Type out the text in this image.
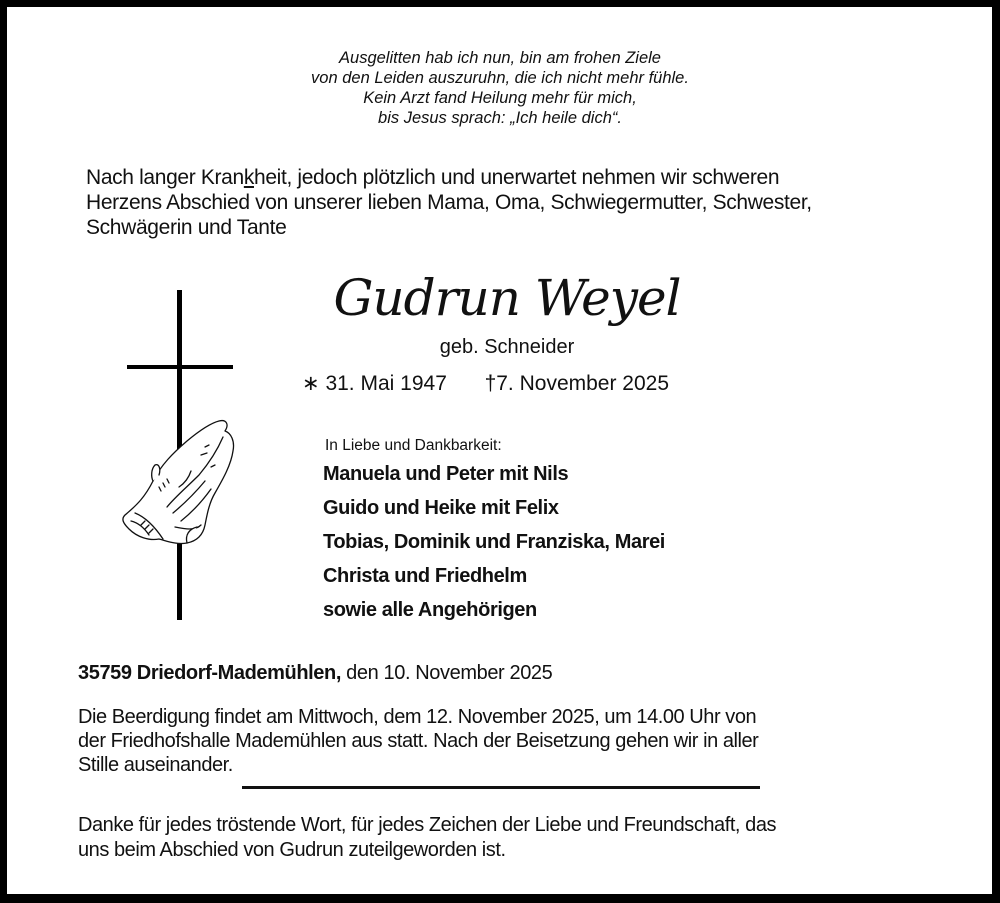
Ausgelitten hab ich nun, bin am frohen Ziele
von den Leiden auszuruhn, die ich nicht mehr fühle.
Kein Arzt fand Heilung mehr für mich,
bis Jesus sprach: „Ich heile dich“.
Nach langer Krankheit, jedoch plötzlich und unerwartet nehmen wir schweren
Herzens Abschied von unserer lieben Mama, Oma, Schwiegermutter, Schwester,
Schwägerin und Tante
Gudrun Weyel
geb. Schneider
∗ 31. Mai 1947 †7. November 2025
In Liebe und Dankbarkeit:
Manuela und Peter mit Nils
Guido und Heike mit Felix
Tobias, Dominik und Franziska, Marei
Christa und Friedhelm
sowie alle Angehörigen
35759 Driedorf-Mademühlen, den 10. November 2025
Die Beerdigung findet am Mittwoch, dem 12. November 2025, um 14.00 Uhr von
der Friedhofshalle Mademühlen aus statt. Nach der Beisetzung gehen wir in aller
Stille auseinander.
Danke für jedes tröstende Wort, für jedes Zeichen der Liebe und Freundschaft, das
uns beim Abschied von Gudrun zuteilgeworden ist.
